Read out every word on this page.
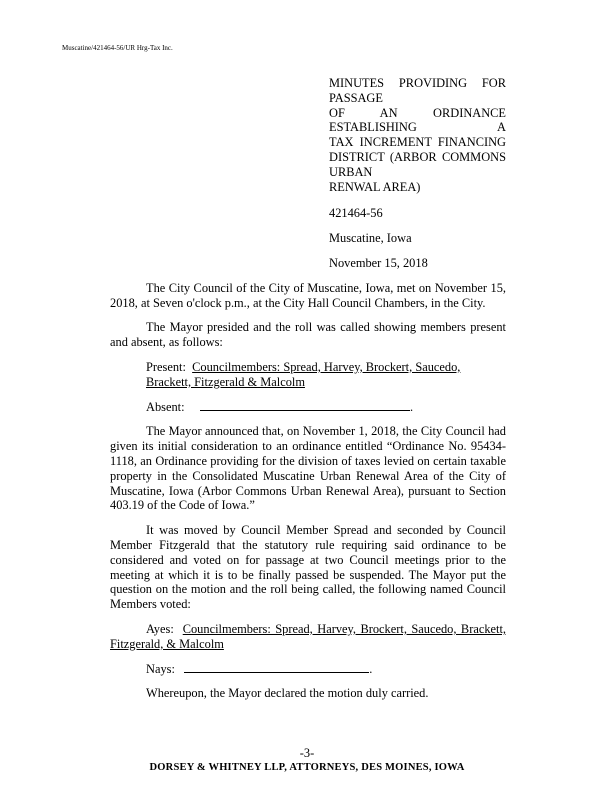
Muscatine/421464-56/UR Hrg-Tax Inc.
MINUTES PROVIDING FOR PASSAGE
OF AN ORDINANCE ESTABLISHING A
TAX INCREMENT FINANCING
DISTRICT (ARBOR COMMONS URBAN
RENWAL AREA)
421464-56
Muscatine, Iowa
November 15, 2018
The City Council of the City of Muscatine, Iowa, met on November 15, 2018, at Seven o'clock p.m., at the City Hall Council Chambers, in the City.
The Mayor presided and the roll was called showing members present and absent, as follows:
Present: Councilmembers: Spread, Harvey, Brockert, Saucedo, Brackett, Fitzgerald & Malcolm
Absent:	.
The Mayor announced that, on November 1, 2018, the City Council had given its initial consideration to an ordinance entitled “Ordinance No. 95434-1118, an Ordinance providing for the division of taxes levied on certain taxable property in the Consolidated Muscatine Urban Renewal Area of the City of Muscatine, Iowa (Arbor Commons Urban Renewal Area), pursuant to Section 403.19 of the Code of Iowa.”
It was moved by Council Member Spread and seconded by Council Member Fitzgerald that the statutory rule requiring said ordinance to be considered and voted on for passage at two Council meetings prior to the meeting at which it is to be finally passed be suspended. The Mayor put the question on the motion and the roll being called, the following named Council Members voted:
Ayes: Councilmembers: Spread, Harvey, Brockert, Saucedo, Brackett, Fitzgerald, & Malcolm
Nays:	.
Whereupon, the Mayor declared the motion duly carried.
-3-
DORSEY & WHITNEY LLP, ATTORNEYS, DES MOINES, IOWA
